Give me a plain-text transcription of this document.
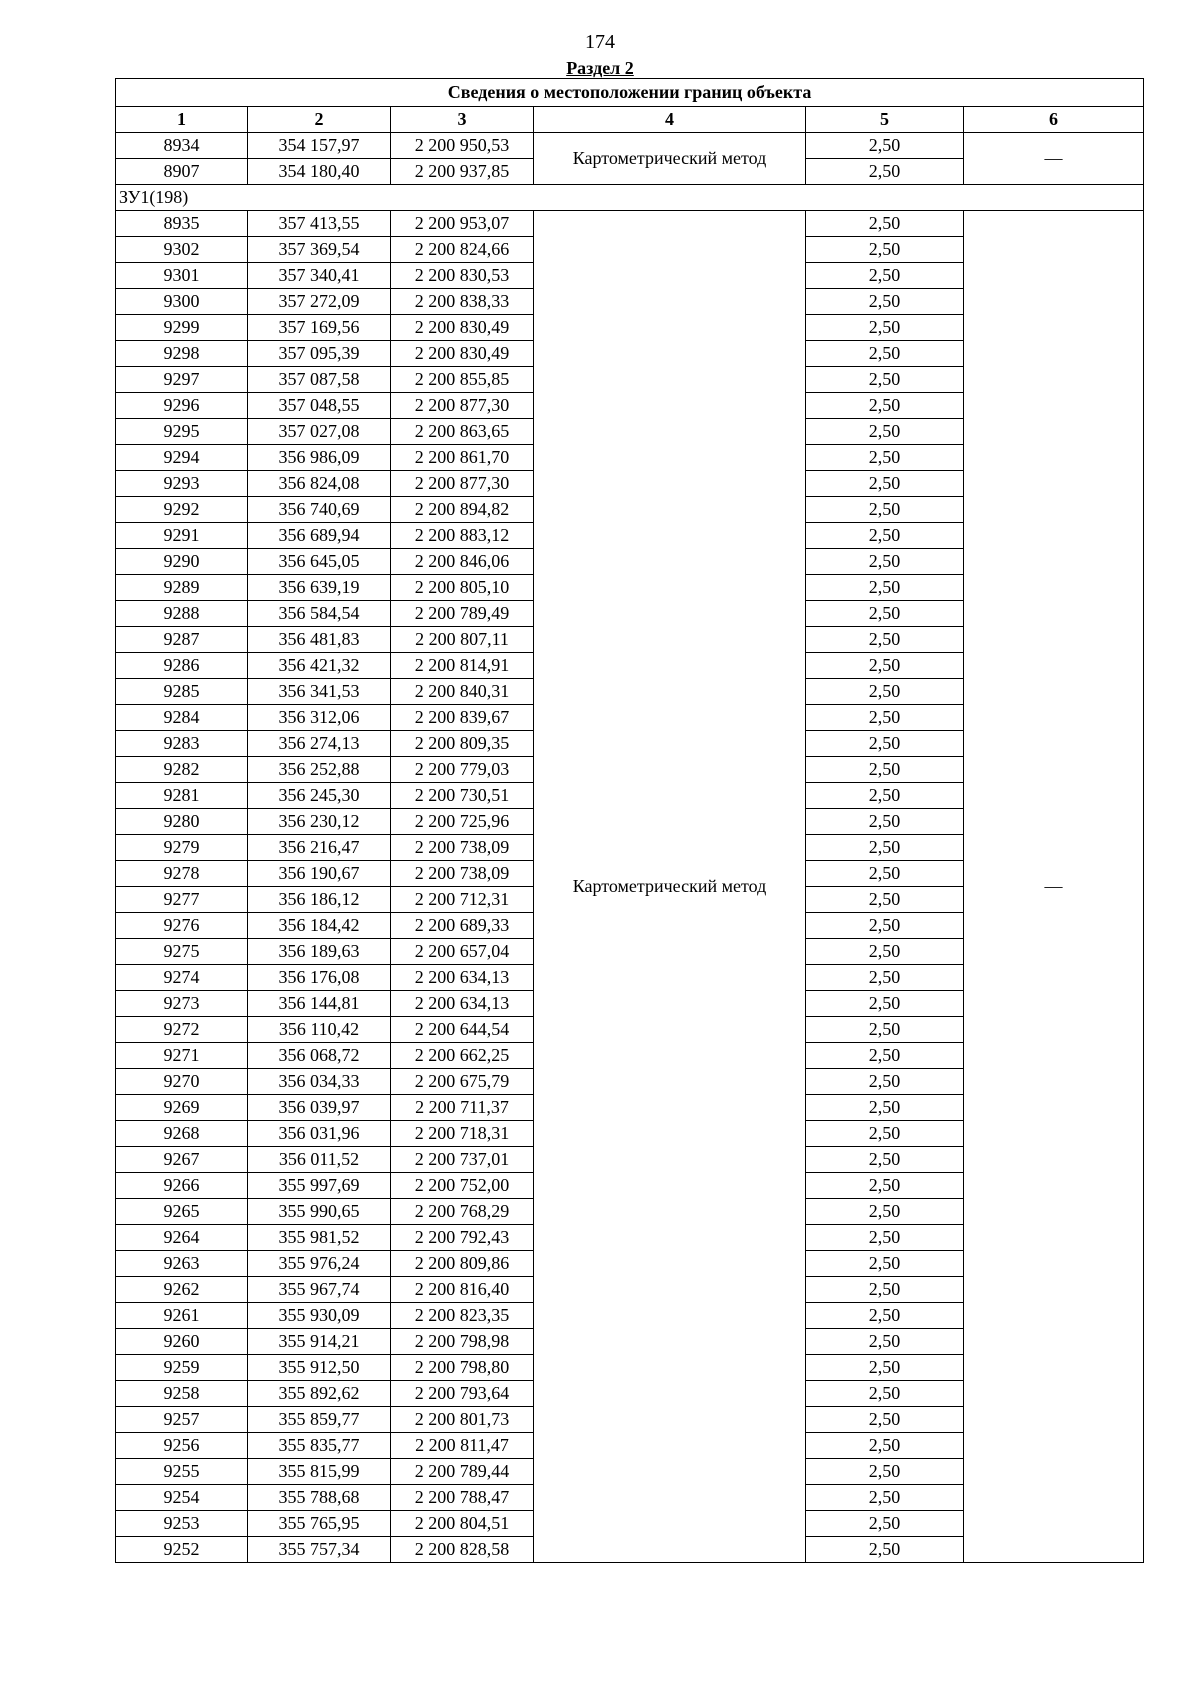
174
Раздел 2
Сведения о местоположении границ объекта					
1	2	3	4	5	6
8934	354 157,97	2 200 950,53	Картометрический метод	2,50	—
8907	354 180,40	2 200 937,85		2,50	
ЗУ1(198)					
8935	357 413,55	2 200 953,07	Картометрический метод	2,50	—
9302	357 369,54	2 200 824,66		2,50	
9301	357 340,41	2 200 830,53		2,50	
9300	357 272,09	2 200 838,33		2,50	
9299	357 169,56	2 200 830,49		2,50	
9298	357 095,39	2 200 830,49		2,50	
9297	357 087,58	2 200 855,85		2,50	
9296	357 048,55	2 200 877,30		2,50	
9295	357 027,08	2 200 863,65		2,50	
9294	356 986,09	2 200 861,70		2,50	
9293	356 824,08	2 200 877,30		2,50	
9292	356 740,69	2 200 894,82		2,50	
9291	356 689,94	2 200 883,12		2,50	
9290	356 645,05	2 200 846,06		2,50	
9289	356 639,19	2 200 805,10		2,50	
9288	356 584,54	2 200 789,49		2,50	
9287	356 481,83	2 200 807,11		2,50	
9286	356 421,32	2 200 814,91		2,50	
9285	356 341,53	2 200 840,31		2,50	
9284	356 312,06	2 200 839,67		2,50	
9283	356 274,13	2 200 809,35		2,50	
9282	356 252,88	2 200 779,03		2,50	
9281	356 245,30	2 200 730,51		2,50	
9280	356 230,12	2 200 725,96		2,50	
9279	356 216,47	2 200 738,09		2,50	
9278	356 190,67	2 200 738,09		2,50	
9277	356 186,12	2 200 712,31		2,50	
9276	356 184,42	2 200 689,33		2,50	
9275	356 189,63	2 200 657,04		2,50	
9274	356 176,08	2 200 634,13		2,50	
9273	356 144,81	2 200 634,13		2,50	
9272	356 110,42	2 200 644,54		2,50	
9271	356 068,72	2 200 662,25		2,50	
9270	356 034,33	2 200 675,79		2,50	
9269	356 039,97	2 200 711,37		2,50	
9268	356 031,96	2 200 718,31		2,50	
9267	356 011,52	2 200 737,01		2,50	
9266	355 997,69	2 200 752,00		2,50	
9265	355 990,65	2 200 768,29		2,50	
9264	355 981,52	2 200 792,43		2,50	
9263	355 976,24	2 200 809,86		2,50	
9262	355 967,74	2 200 816,40		2,50	
9261	355 930,09	2 200 823,35		2,50	
9260	355 914,21	2 200 798,98		2,50	
9259	355 912,50	2 200 798,80		2,50	
9258	355 892,62	2 200 793,64		2,50	
9257	355 859,77	2 200 801,73		2,50	
9256	355 835,77	2 200 811,47		2,50	
9255	355 815,99	2 200 789,44		2,50	
9254	355 788,68	2 200 788,47		2,50	
9253	355 765,95	2 200 804,51		2,50	
9252	355 757,34	2 200 828,58		2,50	
